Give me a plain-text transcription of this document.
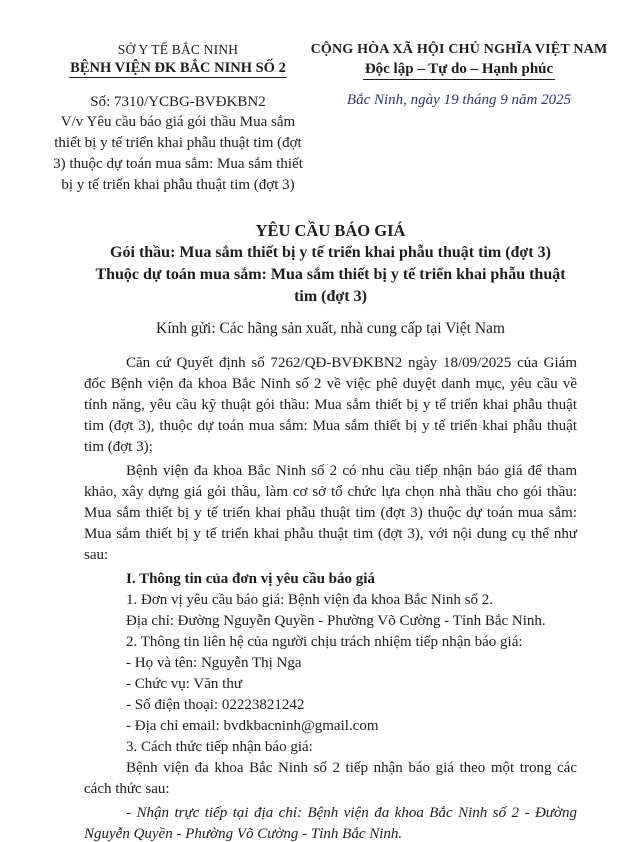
SỞ Y TẾ BẮC NINH
BỆNH VIỆN ĐK BẮC NINH SỐ 2
Số: 7310/YCBG-BVĐKBN2
V/v Yêu cầu báo giá gói thầu Mua sắm thiết bị y tế triển khai phẫu thuật tim (đợt 3) thuộc dự toán mua sắm: Mua sắm thiết bị y tế triển khai phẫu thuật tim (đợt 3)
CỘNG HÒA XÃ HỘI CHỦ NGHĨA VIỆT NAM
Độc lập – Tự do – Hạnh phúc
Bắc Ninh, ngày 19 tháng 9 năm 2025
YÊU CẦU BÁO GIÁ
Gói thầu: Mua sắm thiết bị y tế triển khai phẫu thuật tim (đợt 3)
Thuộc dự toán mua sắm: Mua sắm thiết bị y tế triển khai phẫu thuật tim (đợt 3)
Kính gửi: Các hãng sản xuất, nhà cung cấp tại Việt Nam

Căn cứ Quyết định số 7262/QĐ-BVĐKBN2 ngày 18/09/2025 của Giám đốc Bệnh viện đa khoa Bắc Ninh số 2 về việc phê duyệt danh mục, yêu cầu về tính năng, yêu cầu kỹ thuật gói thầu: Mua sắm thiết bị y tế triển khai phẫu thuật tim (đợt 3), thuộc dự toán mua sắm: Mua sắm thiết bị y tế triển khai phẫu thuật tim (đợt 3);

Bệnh viện đa khoa Bắc Ninh số 2 có nhu cầu tiếp nhận báo giá để tham khảo, xây dựng giá gói thầu, làm cơ sở tổ chức lựa chọn nhà thầu cho gói thầu: Mua sắm thiết bị y tế triển khai phẫu thuật tim (đợt 3) thuộc dự toán mua sắm: Mua sắm thiết bị y tế triển khai phẫu thuật tim (đợt 3), với nội dung cụ thể như sau:

I. Thông tin của đơn vị yêu cầu báo giá
1. Đơn vị yêu cầu báo giá: Bệnh viện đa khoa Bắc Ninh số 2.
Địa chỉ: Đường Nguyễn Quyền - Phường Võ Cường - Tỉnh Bắc Ninh.
2. Thông tin liên hệ của người chịu trách nhiệm tiếp nhận báo giá:
- Họ và tên: Nguyễn Thị Nga
- Chức vụ: Văn thư
- Số điện thoại: 02223821242
- Địa chỉ email: bvdkbacninh@gmail.com
3. Cách thức tiếp nhận báo giá:

Bệnh viện đa khoa Bắc Ninh số 2 tiếp nhận báo giá theo một trong các cách thức sau:

- Nhận trực tiếp tại địa chỉ: Bệnh viện đa khoa Bắc Ninh số 2 - Đường Nguyễn Quyền - Phường Võ Cường - Tỉnh Bắc Ninh.
